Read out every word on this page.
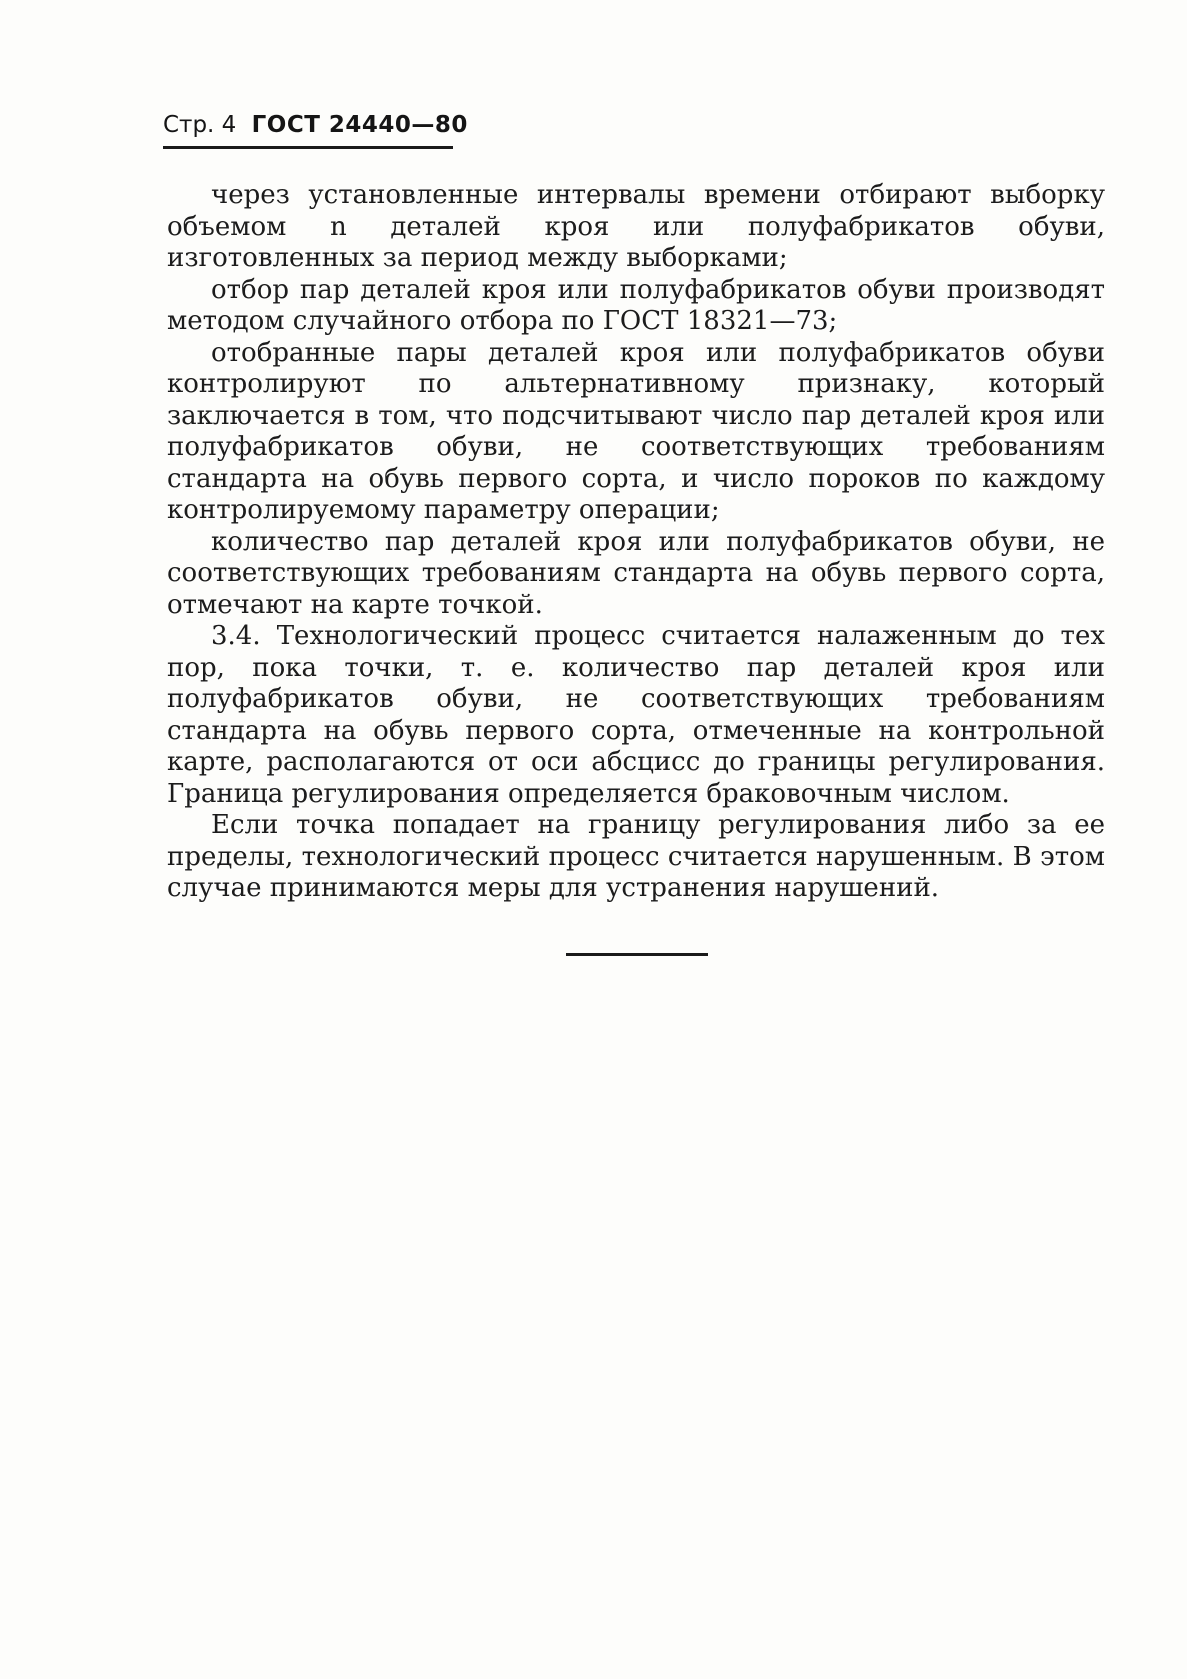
Стр. 4 ГОСТ 24440—80

через установленные интервалы времени отбирают выборку объемом n деталей кроя или полуфабрикатов обуви, изготовленных за период между выборками;

отбор пар деталей кроя или полуфабрикатов обуви производят методом случайного отбора по ГОСТ 18321—73;

отобранные пары деталей кроя или полуфабрикатов обуви контролируют по альтернативному признаку, который заключается в том, что подсчитывают число пар деталей кроя или полуфабрикатов обуви, не соответствующих требованиям стандарта на обувь первого сорта, и число пороков по каждому контролируемому параметру операции;

количество пар деталей кроя или полуфабрикатов обуви, не соответствующих требованиям стандарта на обувь первого сорта, отмечают на карте точкой.

3.4. Технологический процесс считается налаженным до тех пор, пока точки, т. е. количество пар деталей кроя или полуфабрикатов обуви, не соответствующих требованиям стандарта на обувь первого сорта, отмеченные на контрольной карте, располагаются от оси абсцисс до границы регулирования. Граница регулирования определяется браковочным числом.

Если точка попадает на границу регулирования либо за ее пределы, технологический процесс считается нарушенным. В этом случае принимаются меры для устранения нарушений.
